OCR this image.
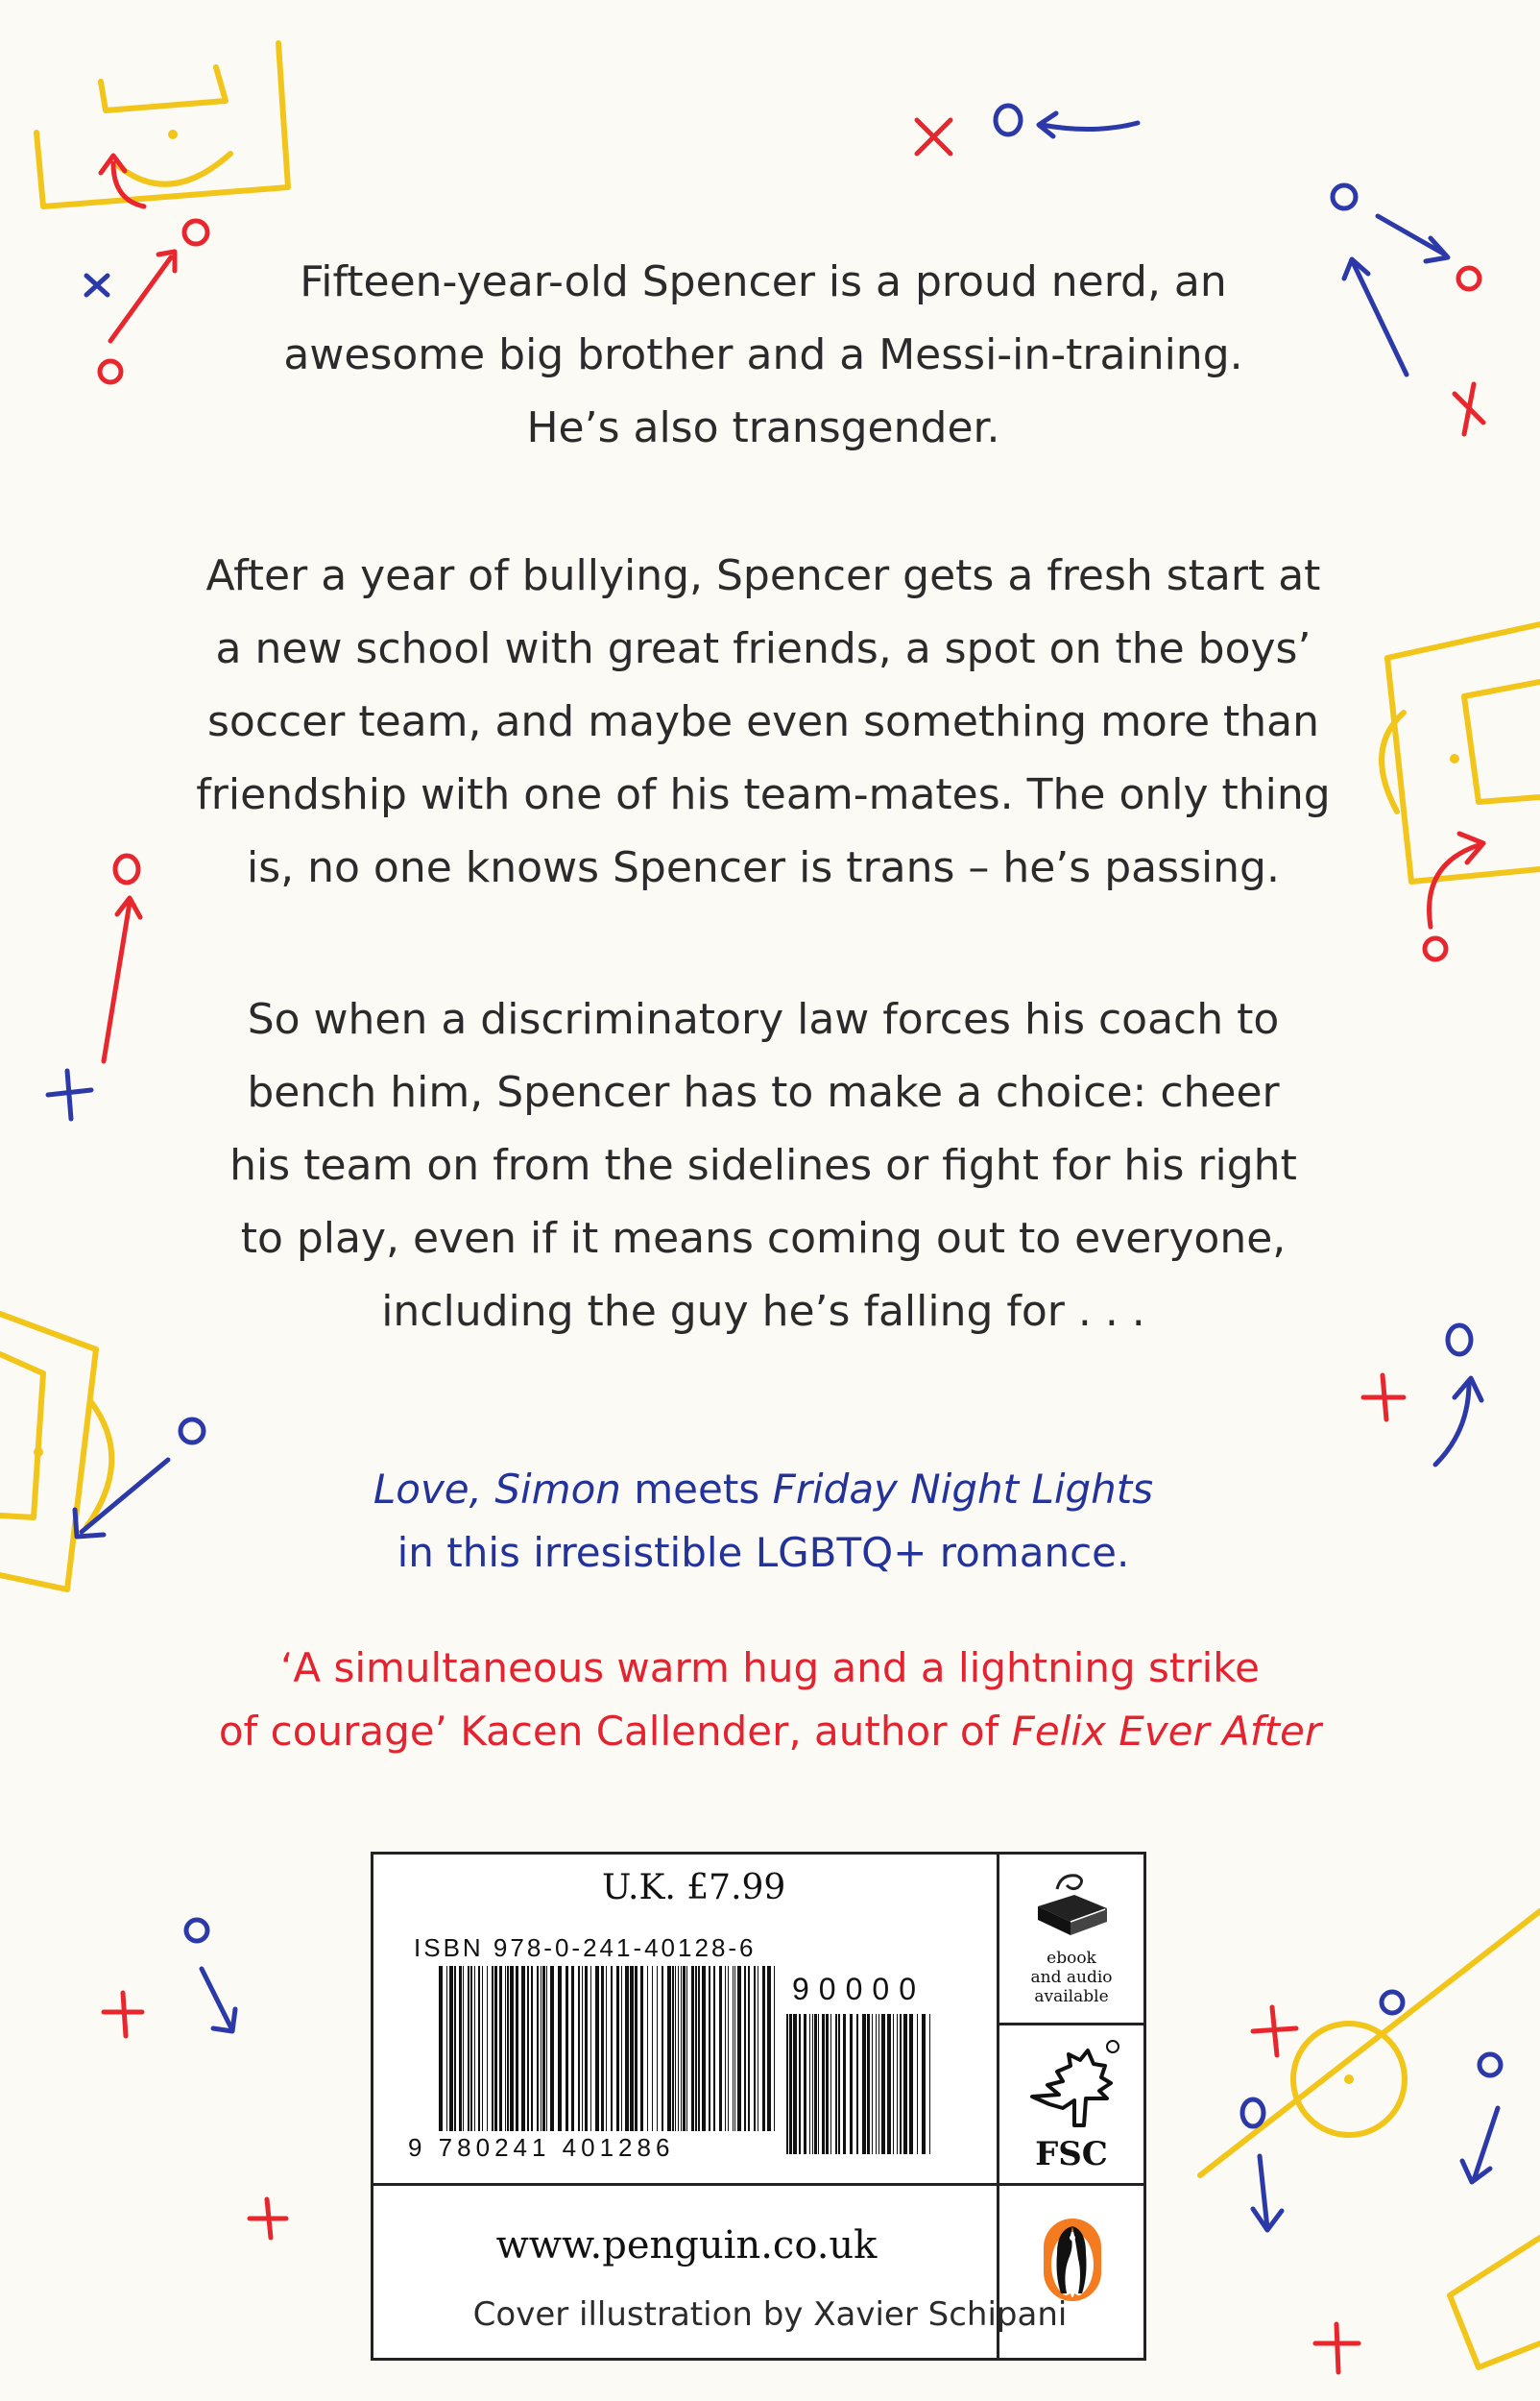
Fifteen-year-old Spencer is a proud nerd, an

awesome big brother and a Messi-in-training.

He’s also transgender.

After a year of bullying, Spencer gets a fresh start at

a new school with great friends, a spot on the boys’

soccer team, and maybe even something more than

friendship with one of his team-mates. The only thing

is, no one knows Spencer is trans – he’s passing.

So when a discriminatory law forces his coach to

bench him, Spencer has to make a choice: cheer

his team on from the sidelines or fight for his right

to play, even if it means coming out to everyone,

including the guy he’s falling for . . .

Love, Simon meets Friday Night Lights

in this irresistible LGBTQ+ romance.

‘A simultaneous warm hug and a lightning strike

of courage’ Kacen Callender, author of Felix Ever After

U.K. £7.99
ISBN 978-0-241-40128-6
90000
9 780241 401286
ebook
and audio
available
FSC
www.penguin.co.uk
Cover illustration by Xavier Schipani
